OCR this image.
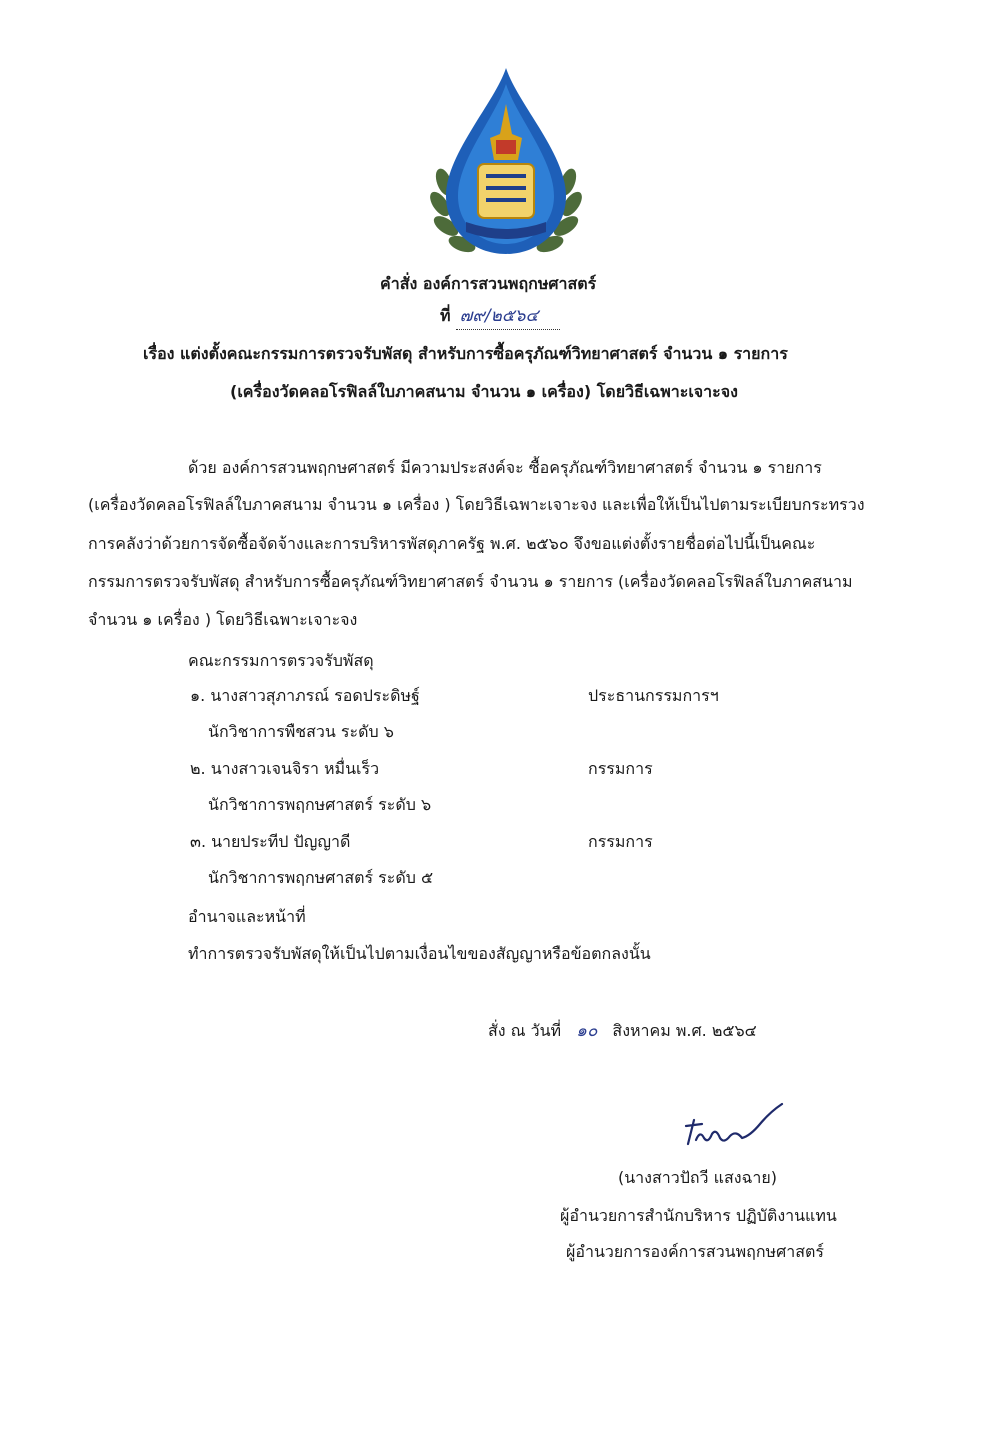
คำสั่ง องค์การสวนพฤกษศาสตร์
ที่ ๗๙/๒๕๖๔
เรื่อง แต่งตั้งคณะกรรมการตรวจรับพัสดุ สำหรับการซื้อครุภัณฑ์วิทยาศาสตร์ จำนวน ๑ รายการ
(เครื่องวัดคลอโรฟิลล์ใบภาคสนาม จำนวน ๑ เครื่อง) โดยวิธีเฉพาะเจาะจง
ด้วย องค์การสวนพฤกษศาสตร์ มีความประสงค์จะ ซื้อครุภัณฑ์วิทยาศาสตร์ จำนวน ๑ รายการ
(เครื่องวัดคลอโรฟิลล์ใบภาคสนาม จำนวน ๑ เครื่อง ) โดยวิธีเฉพาะเจาะจง และเพื่อให้เป็นไปตามระเบียบกระทรวง
การคลังว่าด้วยการจัดซื้อจัดจ้างและการบริหารพัสดุภาครัฐ พ.ศ. ๒๕๖๐ จึงขอแต่งตั้งรายชื่อต่อไปนี้เป็นคณะ
กรรมการตรวจรับพัสดุ สำหรับการซื้อครุภัณฑ์วิทยาศาสตร์ จำนวน ๑ รายการ (เครื่องวัดคลอโรฟิลล์ใบภาคสนาม
จำนวน ๑ เครื่อง ) โดยวิธีเฉพาะเจาะจง
คณะกรรมการตรวจรับพัสดุ
๑. นางสาวสุภาภรณ์ รอดประดิษฐ์	ประธานกรรมการฯ
นักวิชาการพืชสวน ระดับ ๖
๒. นางสาวเจนจิรา หมื่นเร็ว	กรรมการ
นักวิชาการพฤกษศาสตร์ ระดับ ๖
๓. นายประทีป ปัญญาดี	กรรมการ
นักวิชาการพฤกษศาสตร์ ระดับ ๕
อำนาจและหน้าที่
ทำการตรวจรับพัสดุให้เป็นไปตามเงื่อนไขของสัญญาหรือข้อตกลงนั้น
สั่ง ณ วันที่ ๑๐ สิงหาคม พ.ศ. ๒๕๖๔
(นางสาวปัถวี แสงฉาย)
ผู้อำนวยการสำนักบริหาร ปฏิบัติงานแทน
ผู้อำนวยการองค์การสวนพฤกษศาสตร์
